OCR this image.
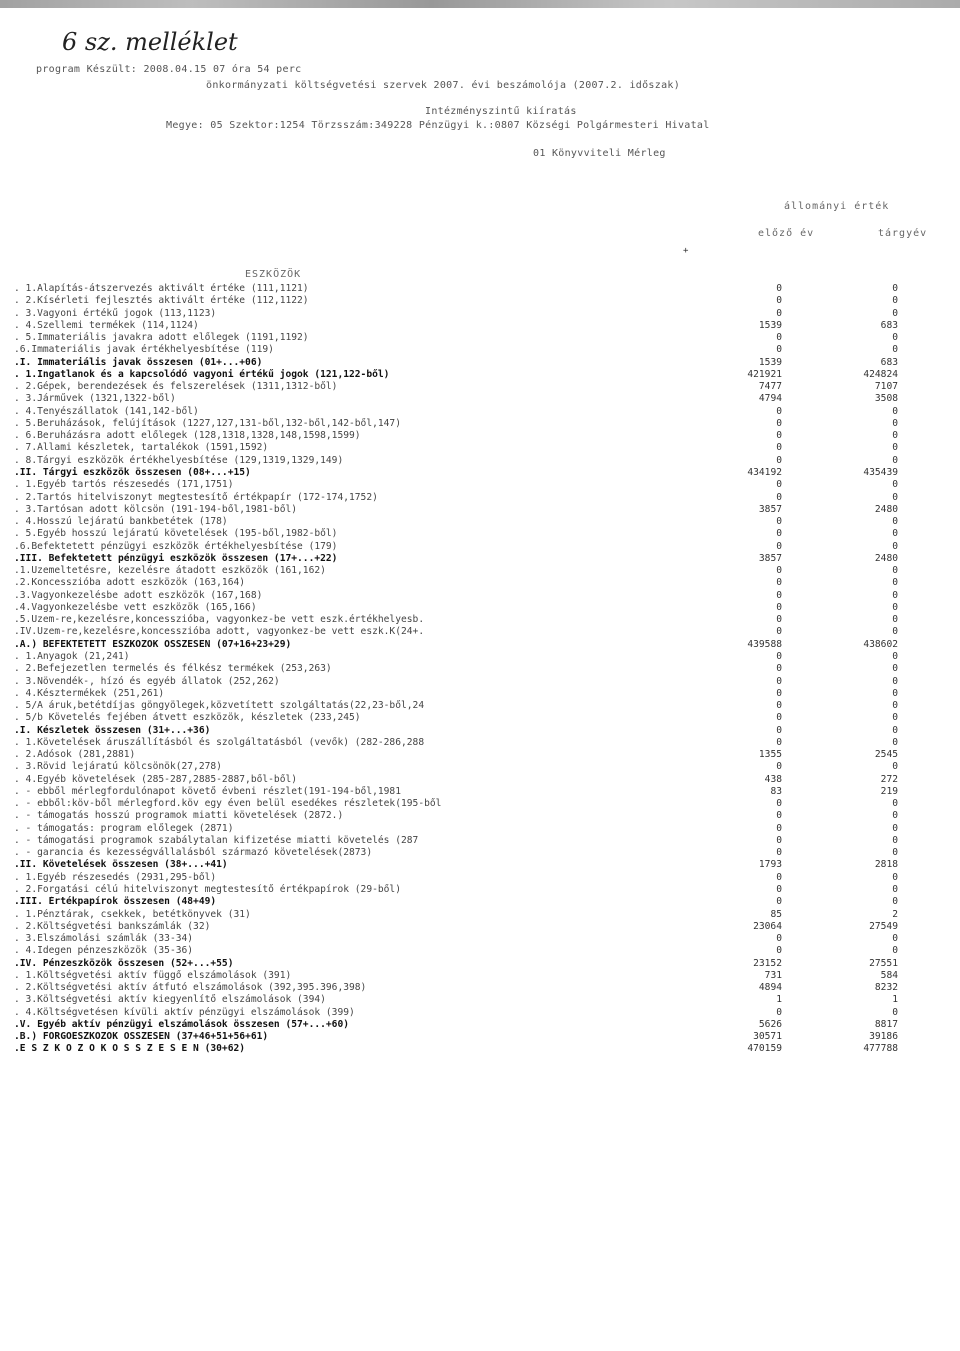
6 sz. melléklet
program Készült: 2008.04.15 07 óra 54 perc
önkormányzati költségvetési szervek 2007. évi beszámolója (2007.2. időszak)
Intézményszintű kiíratás
Megye: 05 Szektor:1254 Törzsszám:349228 Pénzügyi k.:0807 Községi Polgármesteri Hivatal
01 Könyvviteli Mérleg
állományi érték
előző év	tárgyév
+
ESZKÖZÖK
. 1.Alapítás-átszervezés aktivált értéke (111,1121)	0	0
. 2.Kísérleti fejlesztés aktivált értéke (112,1122)	0	0
. 3.Vagyoni értékű jogok (113,1123)	0	0
. 4.Szellemi termékek (114,1124)	1539	683
. 5.Immateriális javakra adott előlegek (1191,1192)	0	0
.6.Immateriális javak értékhelyesbítése (119)	0	0
.I. Immateriális javak összesen (01+...+06)	1539	683
. 1.Ingatlanok és a kapcsolódó vagyoni értékű jogok (121,122-ből)	421921	424824
. 2.Gépek, berendezések és felszerelések (1311,1312-ből)	7477	7107
. 3.Járművek (1321,1322-ből)	4794	3508
. 4.Tenyészállatok (141,142-ből)	0	0
. 5.Beruházások, felújítások (1227,127,131-ből,132-ből,142-ből,147)	0	0
. 6.Beruházásra adott előlegek (128,1318,1328,148,1598,1599)	0	0
. 7.Állami készletek, tartalékok (1591,1592)	0	0
. 8.Tárgyi eszközök értékhelyesbítése (129,1319,1329,149)	0	0
.II. Tárgyi eszközök összesen (08+...+15)	434192	435439
. 1.Egyéb tartós részesedés (171,1751)	0	0
. 2.Tartós hitelviszonyt megtestesítő értékpapír (172-174,1752)	0	0
. 3.Tartósan adott kölcsön (191-194-ből,1981-ből)	3857	2480
. 4.Hosszú lejáratú bankbetétek (178)	0	0
. 5.Egyéb hosszú lejáratú követelések (195-ből,1982-ből)	0	0
.6.Befektetett pénzügyi eszközök értékhelyesbítése (179)	0	0
.III. Befektetett pénzügyi eszközök összesen (17+...+22)	3857	2480
.1.Üzemeltetésre, kezelésre átadott eszközök (161,162)	0	0
.2.Koncesszióba adott eszközök (163,164)	0	0
.3.Vagyonkezelésbe adott eszközök (167,168)	0	0
.4.Vagyonkezelésbe vett eszközök (165,166)	0	0
.5.Üzem-re,kezelésre,koncesszióba, vagyonkez-be vett eszk.értékhelyesb.	0	0
.IV.Üzem-re,kezelésre,koncesszióba adott, vagyonkez-be vett eszk.K(24+.	0	0
.A.) BEFEKTETETT ESZKÖZÖK ÖSSZESEN (07+16+23+29)	439588	438602
. 1.Anyagok (21,241)	0	0
. 2.Befejezetlen termelés és félkész termékek (253,263)	0	0
. 3.Növendék-, hízó és egyéb állatok (252,262)	0	0
. 4.Késztermékek (251,261)	0	0
. 5/A áruk,betétdíjas göngyölegek,közvetített szolgáltatás(22,23-ből,24	0	0
. 5/b Követelés fejében átvett eszközök, készletek (233,245)	0	0
.I. Készletek összesen (31+...+36)	0	0
. 1.Követelések áruszállításból és szolgáltatásból (vevők) (282-286,288	0	0
. 2.Adósok (281,2881)	1355	2545
. 3.Rövid lejáratú kölcsönök(27,278)	0	0
. 4.Egyéb követelések (285-287,2885-2887,ből-ből)	438	272
. - ebből mérlegfordulónapot követő évbeni részlet(191-194-ből,1981	83	219
. - ebből:köv-ből mérlegford.köv egy éven belül esedékes részletek(195-ből	0	0
. - támogatás hosszú programok miatti követelések (2872.)	0	0
. - támogatás: program előlegek (2871)	0	0
. - támogatási programok szabálytalan kifizetése miatti követelés (287	0	0
. - garancia és kezességvállalásból származó követelések(2873)	0	0
.II. Követelések összesen (38+...+41)	1793	2818
. 1.Egyéb részesedés (2931,295-ből)	0	0
. 2.Forgatási célú hitelviszonyt megtestesítő értékpapírok (29-ből)	0	0
.III. Értékpapírok összesen (48+49)	0	0
. 1.Pénztárak, csekkek, betétkönyvek (31)	85	2
. 2.Költségvetési bankszámlák (32)	23064	27549
. 3.Elszámolási számlák (33-34)	0	0
. 4.Idegen pénzeszközök (35-36)	0	0
.IV. Pénzeszközök összesen (52+...+55)	23152	27551
. 1.Költségvetési aktív függő elszámolások (391)	731	584
. 2.Költségvetési aktív átfutó elszámolások (392,395.396,398)	4894	8232
. 3.Költségvetési aktív kiegyenlítő elszámolások (394)	1	1
. 4.Költségvetésen kívüli aktív pénzügyi elszámolások (399)	0	0
.V. Egyéb aktív pénzügyi elszámolások összesen (57+...+60)	5626	8817
.B.) FORGÓESZKÖZÖK ÖSSZESEN (37+46+51+56+61)	30571	39186
.E S Z K Ö Z Ö K Ö S S Z E S E N (30+62)	470159	477788
